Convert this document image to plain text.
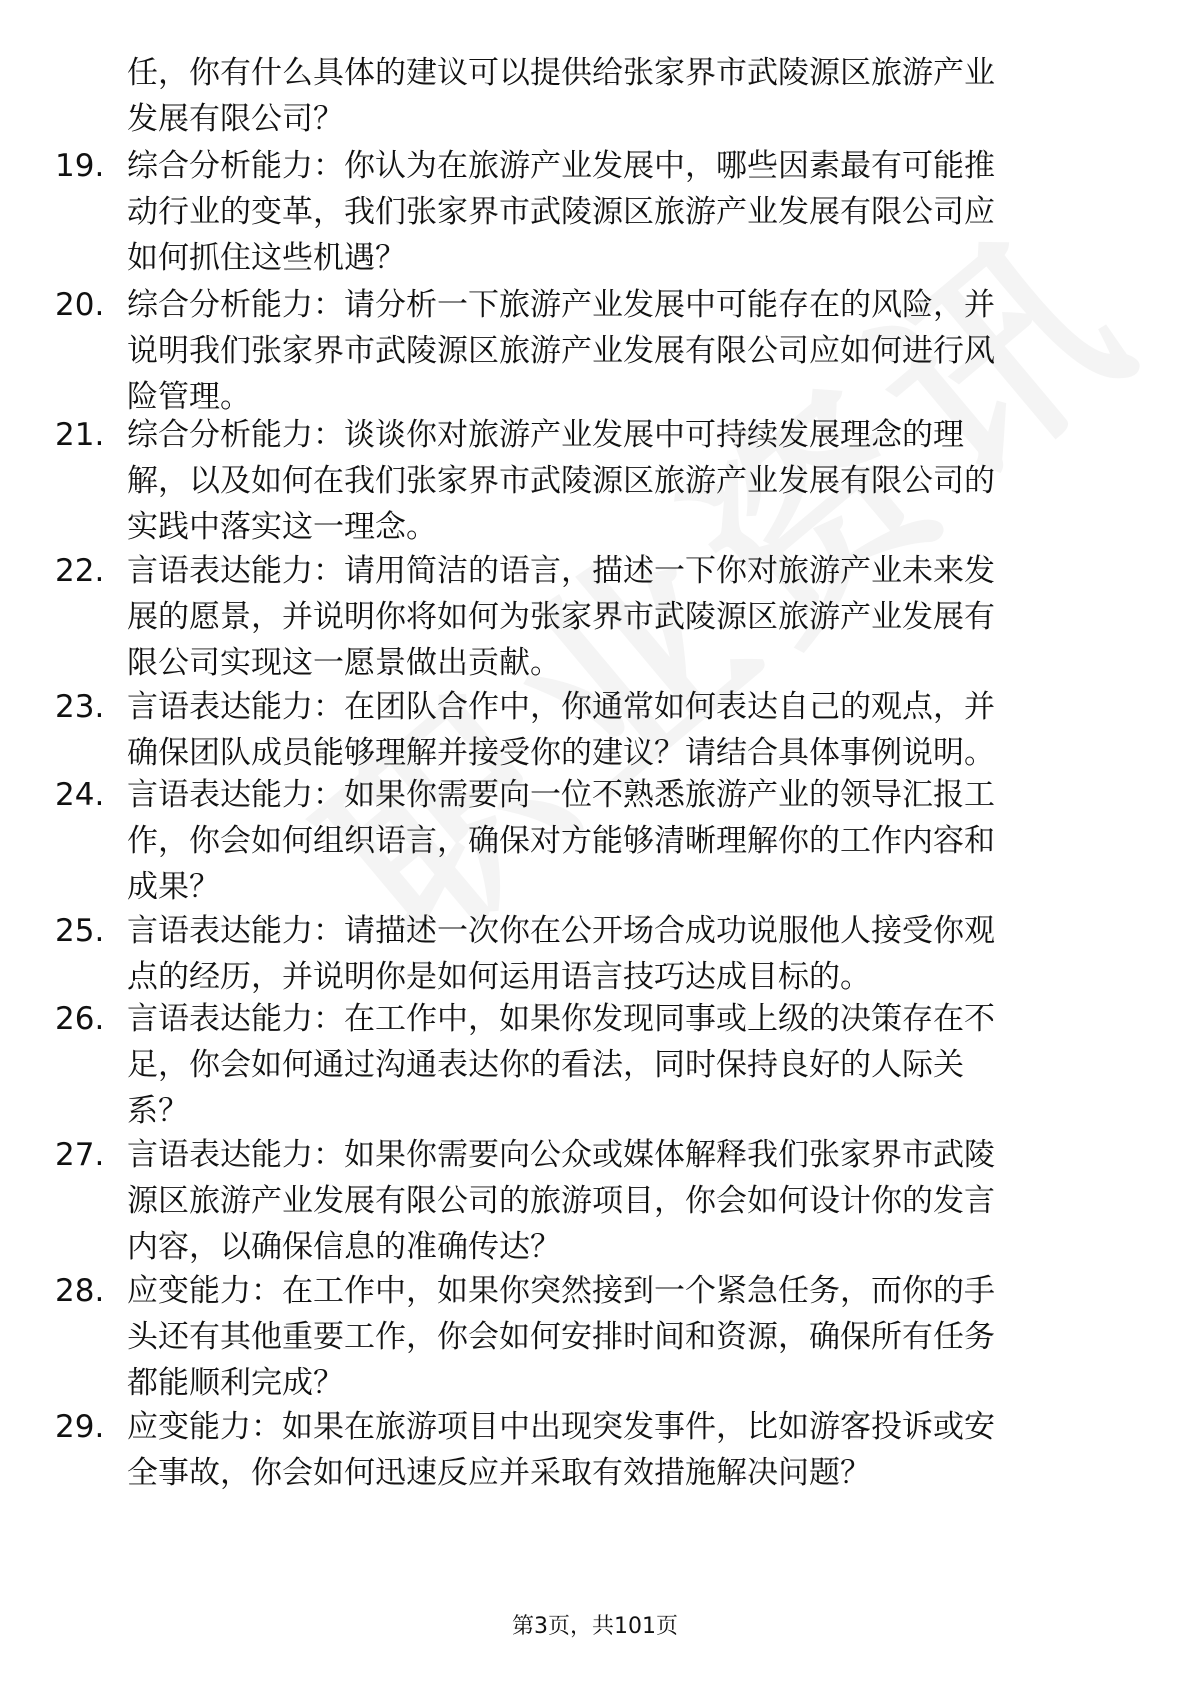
任，你有什么具体的建议可以提供给张家界市武陵源区旅游产业
发展有限公司？
19. 综合分析能力：你认为在旅游产业发展中，哪些因素最有可能推
动行业的变革，我们张家界市武陵源区旅游产业发展有限公司应
如何抓住这些机遇？
20. 综合分析能力：请分析一下旅游产业发展中可能存在的风险，并
说明我们张家界市武陵源区旅游产业发展有限公司应如何进行风
险管理。
21. 综合分析能力：谈谈你对旅游产业发展中可持续发展理念的理
解，以及如何在我们张家界市武陵源区旅游产业发展有限公司的
实践中落实这一理念。
22. 言语表达能力：请用简洁的语言，描述一下你对旅游产业未来发
展的愿景，并说明你将如何为张家界市武陵源区旅游产业发展有
限公司实现这一愿景做出贡献。
23. 言语表达能力：在团队合作中，你通常如何表达自己的观点，并
确保团队成员能够理解并接受你的建议？请结合具体事例说明。
24. 言语表达能力：如果你需要向一位不熟悉旅游产业的领导汇报工
作，你会如何组织语言，确保对方能够清晰理解你的工作内容和
成果？
25. 言语表达能力：请描述一次你在公开场合成功说服他人接受你观
点的经历，并说明你是如何运用语言技巧达成目标的。
26. 言语表达能力：在工作中，如果你发现同事或上级的决策存在不
足，你会如何通过沟通表达你的看法，同时保持良好的人际关
系？
27. 言语表达能力：如果你需要向公众或媒体解释我们张家界市武陵
源区旅游产业发展有限公司的旅游项目，你会如何设计你的发言
内容，以确保信息的准确传达？
28. 应变能力：在工作中，如果你突然接到一个紧急任务，而你的手
头还有其他重要工作，你会如何安排时间和资源，确保所有任务
都能顺利完成？
29. 应变能力：如果在旅游项目中出现突发事件，比如游客投诉或安
全事故，你会如何迅速反应并采取有效措施解决问题？
第3页，共101页
